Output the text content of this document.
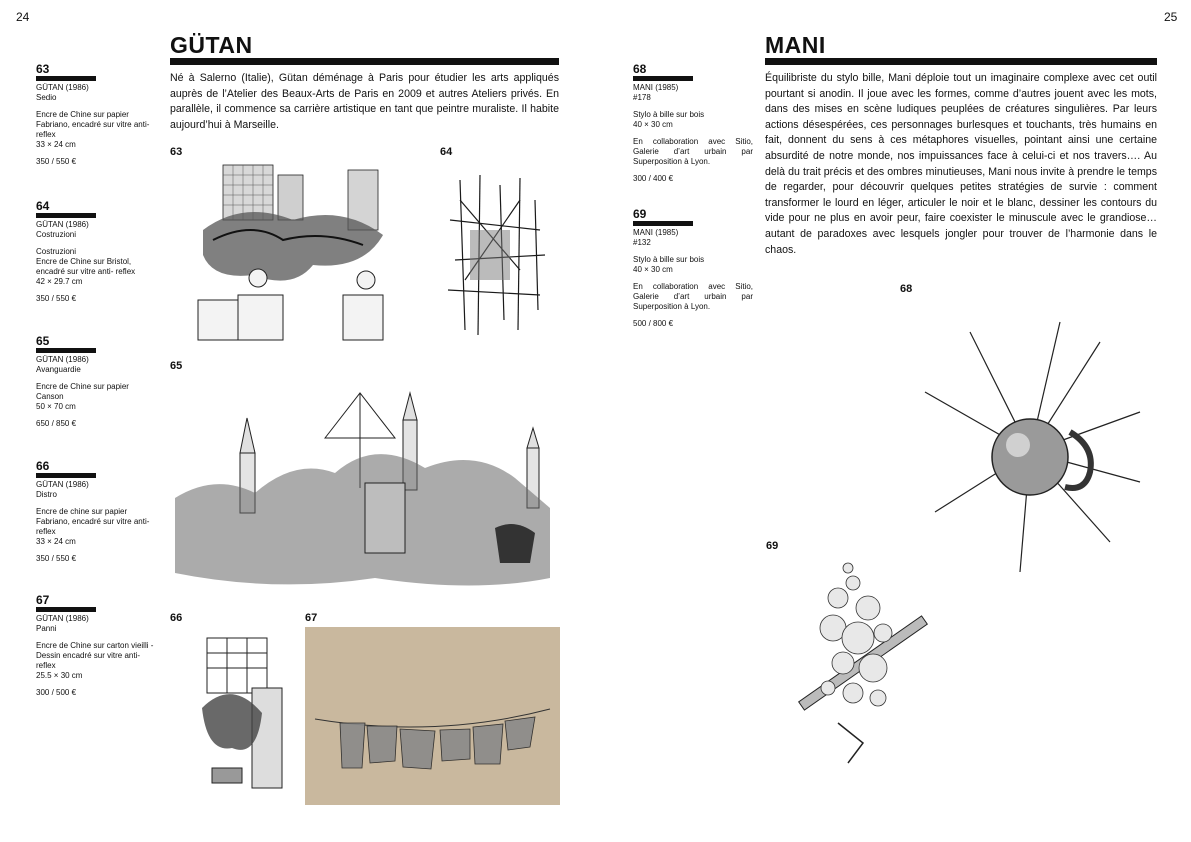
24	25
GÜTAN	MANI
Né à Salerno (Italie), Gütan déménage à Paris pour étudier les arts appliqués auprès de l’Atelier des Beaux-Arts de Paris en 2009 et autres Ateliers privés. En parallèle, il commence sa carrière artistique en tant que peintre muraliste. Il habite aujourd’hui à Marseille.
Équilibriste du stylo bille, Mani déploie tout un imaginaire complexe avec cet outil pourtant si anodin. Il joue avec les formes, comme d’autres jouent avec les mots, dans des mises en scène ludiques peuplées de créatures singulières. Par leurs actions désespérées, ces personnages burlesques et touchants, très humains en fait, donnent du sens à ces métaphores visuelles, pointant ainsi une certaine absurdité de notre monde, nos impuissances face à celui-ci et nos travers…. Au delà du trait précis et des ombres minutieuses, Mani nous invite à prendre le temps de regarder, pour découvrir quelques petites stratégies de survie : comment transformer le lourd en léger, articuler le noir et le blanc, dessiner les contours du vide pour ne plus en avoir peur, faire coexister le minuscule avec le grandiose… autant de paradoxes avec lesquels jongler pour trouver de l’harmonie dans le chaos.
63

GÜTAN (1986)

Sedio

Encre de Chine sur papier Fabriano, encadré sur vitre anti-reflex

33 × 24 cm

350 / 550 €

64

GÜTAN (1986)

Costruzioni

Costruzioni
Encre de Chine sur Bristol, encadré sur vitre anti- reflex

42 × 29.7 cm

350 / 550 €

65

GÜTAN (1986)

Avanguardie

Encre de Chine sur papier Canson

50 × 70 cm

650 / 850 €

66

GÜTAN (1986)

Distro

Encre de chine sur papier Fabriano, encadré sur vitre anti-reflex

33 × 24 cm

350 / 550 €

67

GÜTAN (1986)

Panni

Encre de Chine sur carton vieilli - Dessin encadré sur vitre anti-reflex

25.5 × 30 cm

300 / 500 €

68

MANI (1985)

#178

Stylo à bille sur bois

40 × 30 cm

En collaboration avec Sitio, Galerie d’art urbain par Superposition à Lyon.

300 / 400 €

69

MANI (1985)

#132

Stylo à bille sur bois

40 × 30 cm

En collaboration avec Sitio, Galerie d’art urbain par Superposition à Lyon.

500 / 800 €

63	64
65
66	67
68
69
